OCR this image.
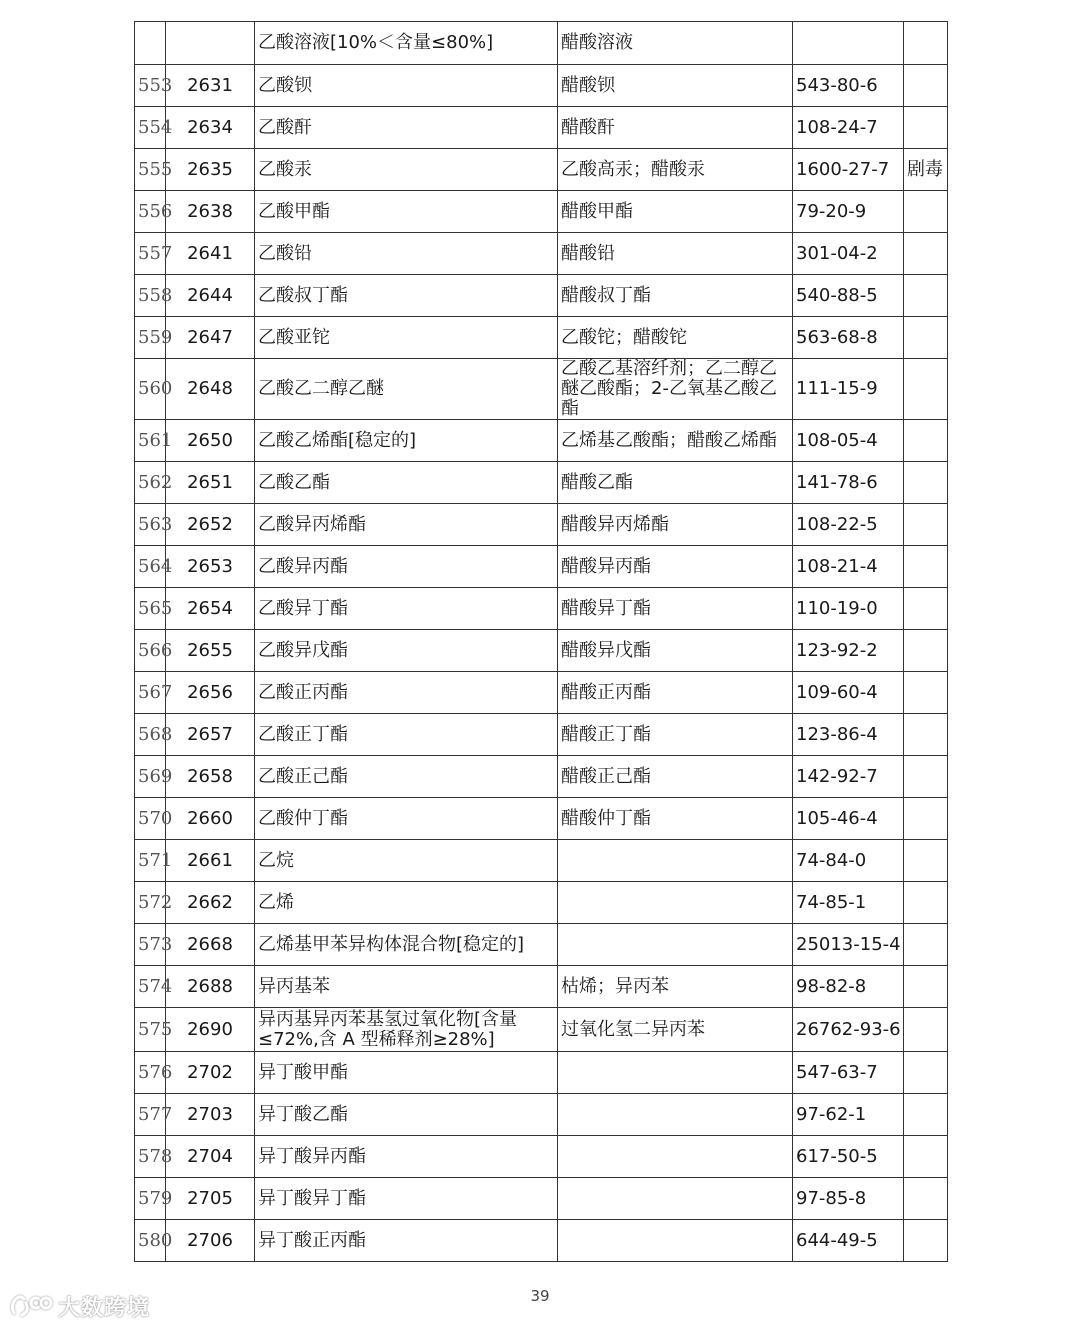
		乙酸溶液[10%＜含量≤80%]	醋酸溶液		
553	2631	乙酸钡	醋酸钡	543-80-6	
554	2634	乙酸酐	醋酸酐	108-24-7	
555	2635	乙酸汞	乙酸高汞；醋酸汞	1600-27-7	剧毒
556	2638	乙酸甲酯	醋酸甲酯	79-20-9	
557	2641	乙酸铅	醋酸铅	301-04-2	
558	2644	乙酸叔丁酯	醋酸叔丁酯	540-88-5	
559	2647	乙酸亚铊	乙酸铊；醋酸铊	563-68-8	
560	2648	乙酸乙二醇乙醚	乙酸乙基溶纤剂；乙二醇乙醚乙酸酯；2-乙氧基乙酸乙酯	111-15-9	
561	2650	乙酸乙烯酯[稳定的]	乙烯基乙酸酯；醋酸乙烯酯	108-05-4	
562	2651	乙酸乙酯	醋酸乙酯	141-78-6	
563	2652	乙酸异丙烯酯	醋酸异丙烯酯	108-22-5	
564	2653	乙酸异丙酯	醋酸异丙酯	108-21-4	
565	2654	乙酸异丁酯	醋酸异丁酯	110-19-0	
566	2655	乙酸异戊酯	醋酸异戊酯	123-92-2	
567	2656	乙酸正丙酯	醋酸正丙酯	109-60-4	
568	2657	乙酸正丁酯	醋酸正丁酯	123-86-4	
569	2658	乙酸正己酯	醋酸正己酯	142-92-7	
570	2660	乙酸仲丁酯	醋酸仲丁酯	105-46-4	
571	2661	乙烷		74-84-0	
572	2662	乙烯		74-85-1	
573	2668	乙烯基甲苯异构体混合物[稳定的]		25013-15-4	
574	2688	异丙基苯	枯烯；异丙苯	98-82-8	
575	2690	异丙基异丙苯基氢过氧化物[含量≤72%,含 A 型稀释剂≥28%]	过氧化氢二异丙苯	26762-93-6	
576	2702	异丁酸甲酯		547-63-7	
577	2703	异丁酸乙酯		97-62-1	
578	2704	异丁酸异丙酯		617-50-5	
579	2705	异丁酸异丁酯		97-85-8	
580	2706	异丁酸正丙酯		644-49-5	
39
大数跨境
